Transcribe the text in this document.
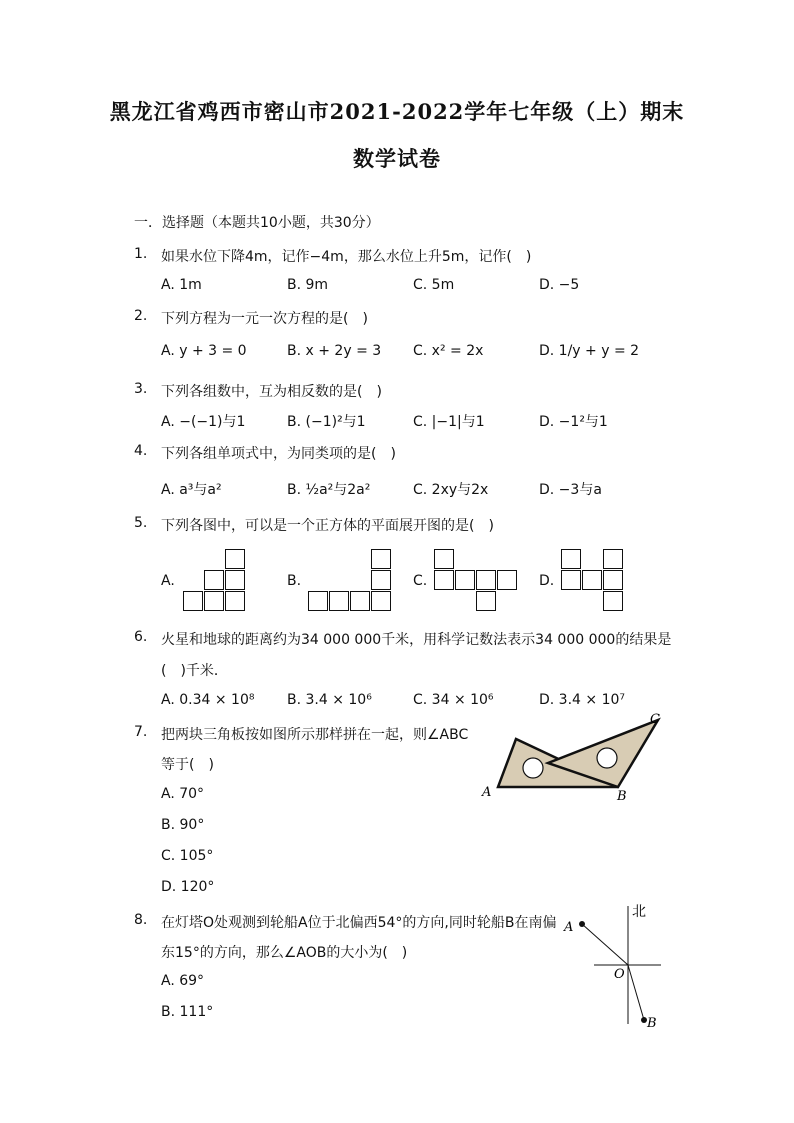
黑龙江省鸡西市密山市2021-2022学年七年级（上）期末
数学试卷
一．选择题（本题共10小题，共30分）
1. 如果水位下降4m，记作−4m，那么水位上升5m，记作(　)
A. 1m	B. 9m	C. 5m	D. −5
2. 下列方程为一元一次方程的是(　)
A. y + 3 = 0	B. x + 2y = 3 C. x² = 2x	D. 1/y + y = 2
3. 下列各组数中，互为相反数的是(　)
A. −(−1)与1	B. (−1)²与1	C. |−1|与1	D. −1²与1
4. 下列各组单项式中，为同类项的是(　)
A. a³与a²	B. ½a²与2a²	C. 2xy与2x	D. −3与a
5. 下列各图中，可以是一个正方体的平面展开图的是(　)
A.	B.	C.	D.
6. 火星和地球的距离约为34 000 000千米，用科学记数法表示34 000 000的结果是
(　)千米．
A. 0.34 × 10⁸ B. 3.4 × 10⁶	C. 34 × 10⁶	D. 3.4 × 10⁷
7. 把两块三角板按如图所示那样拼在一起，则∠ABC
等于(　)
A. 70°
B. 90°
C. 105°
D. 120°
A	B
C
8. 在灯塔O处观测到轮船A位于北偏西54°的方向,同时轮船B在南偏
东15°的方向，那么∠AOB的大小为(　)
A. 69°
B. 111°
北
A
O
B
